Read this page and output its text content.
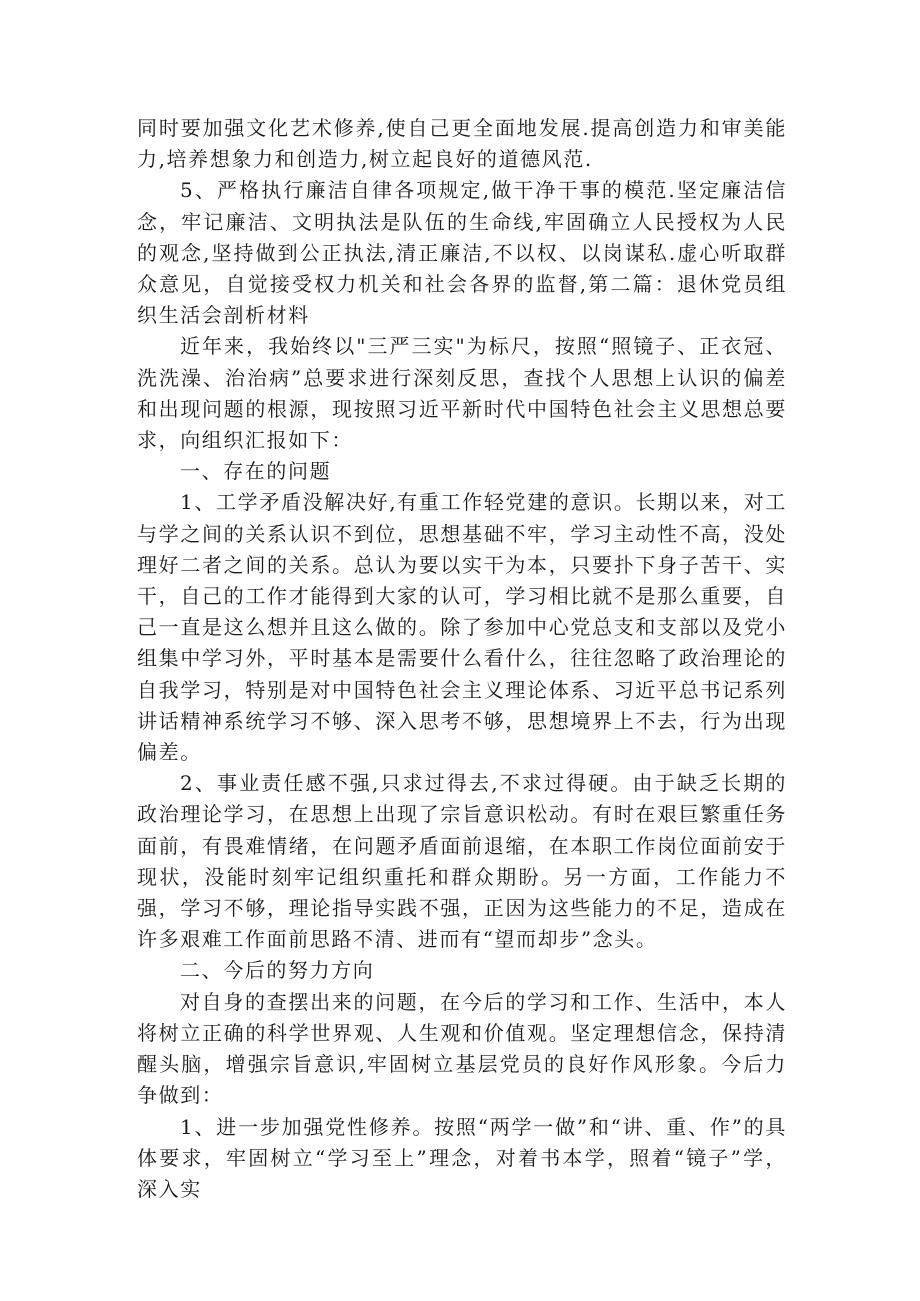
同时要加强文化艺术修养,使自己更全面地发展.提高创造力和审美能力,培养想象力和创造力,树立起良好的道德风范.

5、严格执行廉洁自律各项规定,做干净干事的模范.坚定廉洁信念，牢记廉洁、文明执法是队伍的生命线,牢固确立人民授权为人民的观念,坚持做到公正执法,清正廉洁,不以权、以岗谋私.虚心听取群众意见，自觉接受权力机关和社会各界的监督,第二篇：退休党员组织生活会剖析材料

近年来，我始终以"三严三实"为标尺，按照“照镜子、正衣冠、洗洗澡、治治病”总要求进行深刻反思，查找个人思想上认识的偏差和出现问题的根源，现按照习近平新时代中国特色社会主义思想总要求，向组织汇报如下：

一、存在的问题

1、工学矛盾没解决好,有重工作轻党建的意识。长期以来，对工与学之间的关系认识不到位，思想基础不牢，学习主动性不高，没处理好二者之间的关系。总认为要以实干为本，只要扑下身子苦干、实干，自己的工作才能得到大家的认可，学习相比就不是那么重要，自己一直是这么想并且这么做的。除了参加中心党总支和支部以及党小组集中学习外，平时基本是需要什么看什么，往往忽略了政治理论的自我学习，特别是对中国特色社会主义理论体系、习近平总书记系列讲话精神系统学习不够、深入思考不够，思想境界上不去，行为出现偏差。

2、事业责任感不强,只求过得去,不求过得硬。由于缺乏长期的政治理论学习，在思想上出现了宗旨意识松动。有时在艰巨繁重任务面前，有畏难情绪，在问题矛盾面前退缩，在本职工作岗位面前安于现状，没能时刻牢记组织重托和群众期盼。另一方面，工作能力不强，学习不够，理论指导实践不强，正因为这些能力的不足，造成在许多艰难工作面前思路不清、进而有“望而却步”念头。

二、今后的努力方向

对自身的查摆出来的问题，在今后的学习和工作、生活中，本人将树立正确的科学世界观、人生观和价值观。坚定理想信念，保持清醒头脑，增强宗旨意识,牢固树立基层党员的良好作风形象。今后力争做到：

1、进一步加强党性修养。按照“两学一做”和“讲、重、作”的具体要求，牢固树立“学习至上”理念，对着书本学，照着“镜子”学，深入实
